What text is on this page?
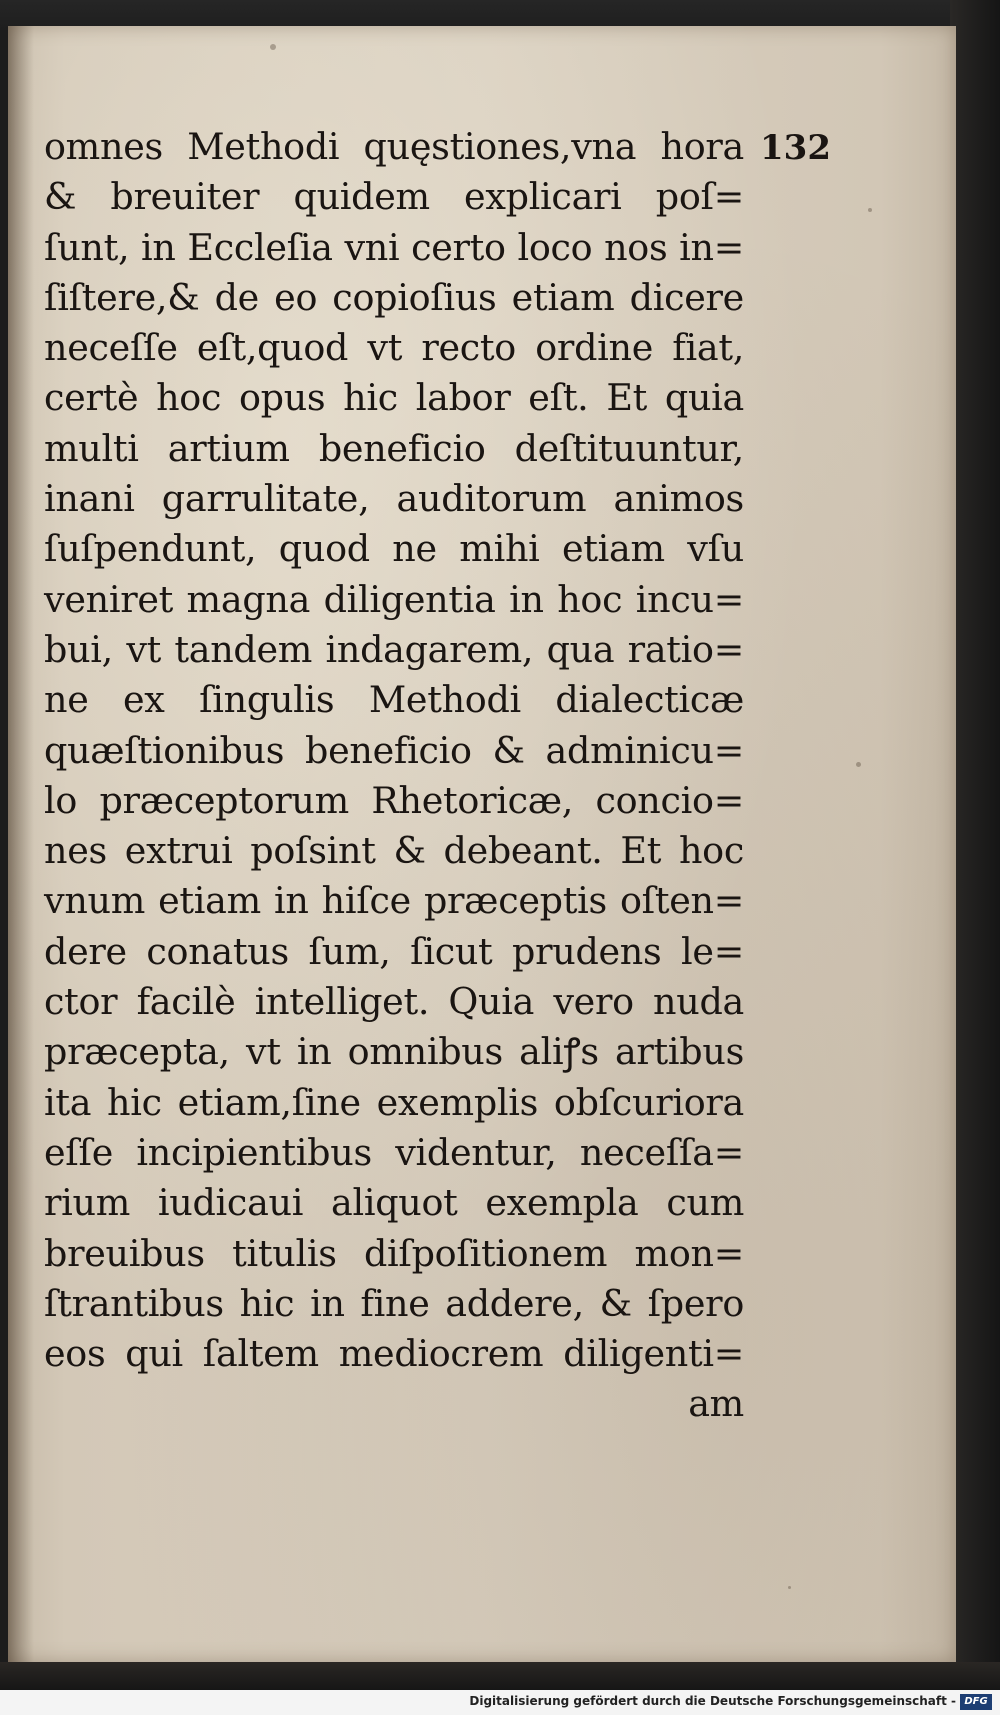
132
omnes Methodi quęstiones,vna hora
& breuiter quidem explicari poſ=
ſunt, in Eccleſia vni certo loco nos in=
ſiſtere,& de eo copioſius etiam dicere
neceſſe eſt,quod vt recto ordine fiat,
certè hoc opus hic labor eſt. Et quia
multi artium beneficio deſtituuntur,
inani garrulitate, auditorum animos
ſuſpendunt, quod ne mihi etiam vſu
veniret magna diligentia in hoc incu=
bui, vt tandem indagarem, qua ratio=
ne ex ſingulis Methodi dialecticæ
quæſtionibus beneficio & adminicu=
lo præceptorum Rhetoricæ, concio=
nes extrui poſsint & debeant. Et hoc
vnum etiam in hiſce præceptis oſten=
dere conatus ſum, ſicut prudens le=
ctor facilè intelliget. Quia vero nuda
præcepta, vt in omnibus aliꝭs artibus
ita hic etiam,ſine exemplis obſcuriora
eſſe incipientibus videntur, neceſſa=
rium iudicaui aliquot exempla cum
breuibus titulis diſpoſitionem mon=
ſtrantibus hic in fine addere, & ſpero
eos qui ſaltem mediocrem diligenti=
am
Digitalisierung gefördert durch die Deutsche Forschungsgemeinschaft - DFG
